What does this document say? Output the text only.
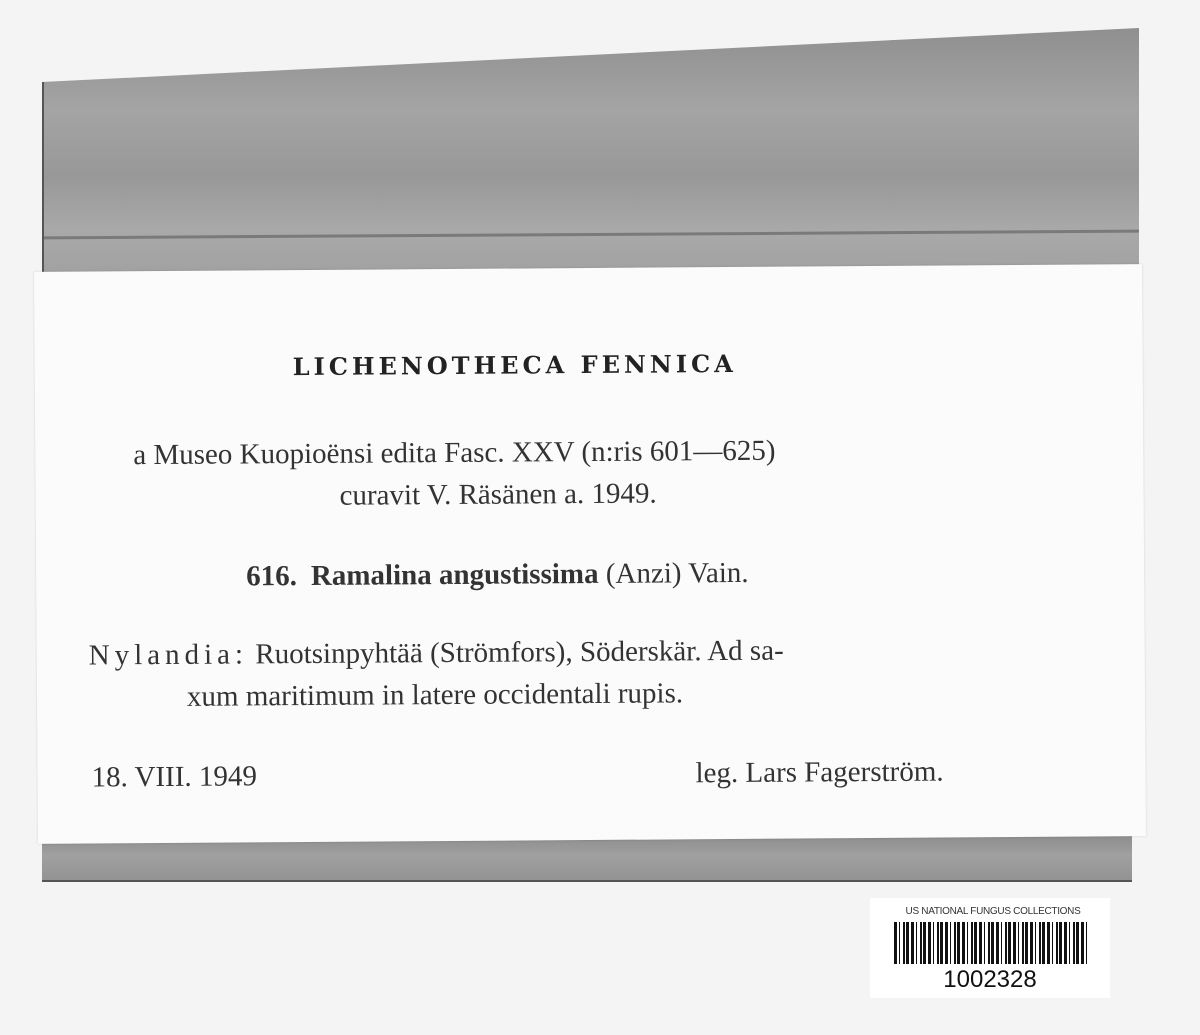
LICHENOTHECA FENNICA
a Museo Kuopioënsi edita Fasc. XXV (n:ris 601—625)
curavit V. Räsänen a. 1949.
616. Ramalina angustissima (Anzi) Vain.
Nylandia: Ruotsinpyhtää (Strömfors), Söderskär. Ad sa-
xum maritimum in latere occidentali rupis.
18. VIII. 1949	leg. Lars Fagerström.
US NATIONAL FUNGUS COLLECTIONS
1002328
